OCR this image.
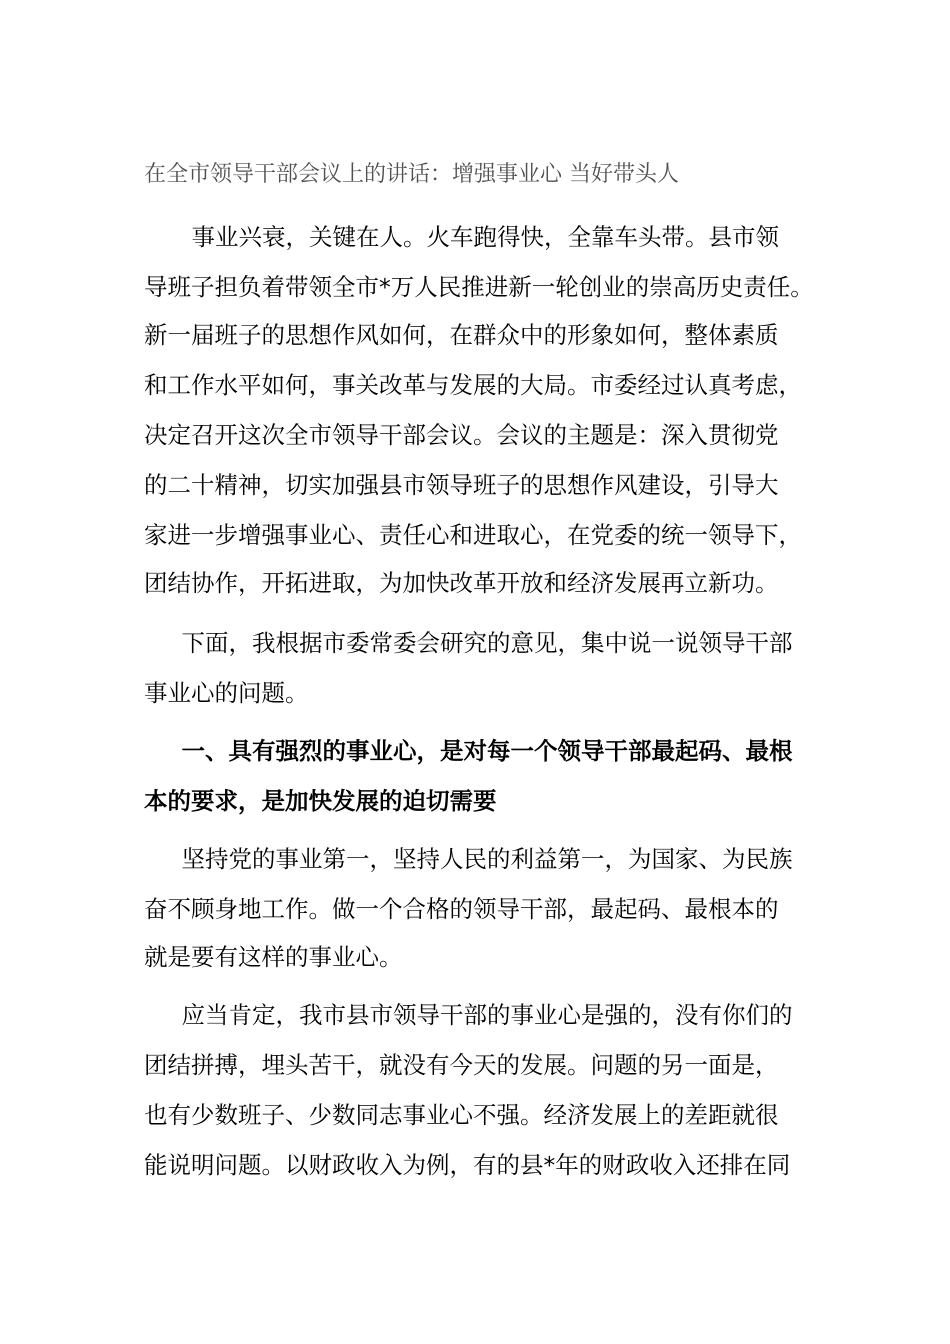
在全市领导干部会议上的讲话：增强事业心 当好带头人

　事业兴衰，关键在人。火车跑得快，全靠车头带。县市领

导班子担负着带领全市*万人民推进新一轮创业的崇高历史责任。

新一届班子的思想作风如何，在群众中的形象如何，整体素质

和工作水平如何，事关改革与发展的大局。市委经过认真考虑，

决定召开这次全市领导干部会议。会议的主题是：深入贯彻党

的二十精神，切实加强县市领导班子的思想作风建设，引导大

家进一步增强事业心、责任心和进取心，在党委的统一领导下，

团结协作，开拓进取，为加快改革开放和经济发展再立新功。

　下面，我根据市委常委会研究的意见，集中说一说领导干部

事业心的问题。

　一、具有强烈的事业心，是对每一个领导干部最起码、最根

本的要求，是加快发展的迫切需要

　坚持党的事业第一，坚持人民的利益第一，为国家、为民族

奋不顾身地工作。做一个合格的领导干部，最起码、最根本的

就是要有这样的事业心。

　应当肯定，我市县市领导干部的事业心是强的，没有你们的

团结拼搏，埋头苦干，就没有今天的发展。问题的另一面是，

也有少数班子、少数同志事业心不强。经济发展上的差距就很

能说明问题。以财政收入为例，有的县*年的财政收入还排在同
